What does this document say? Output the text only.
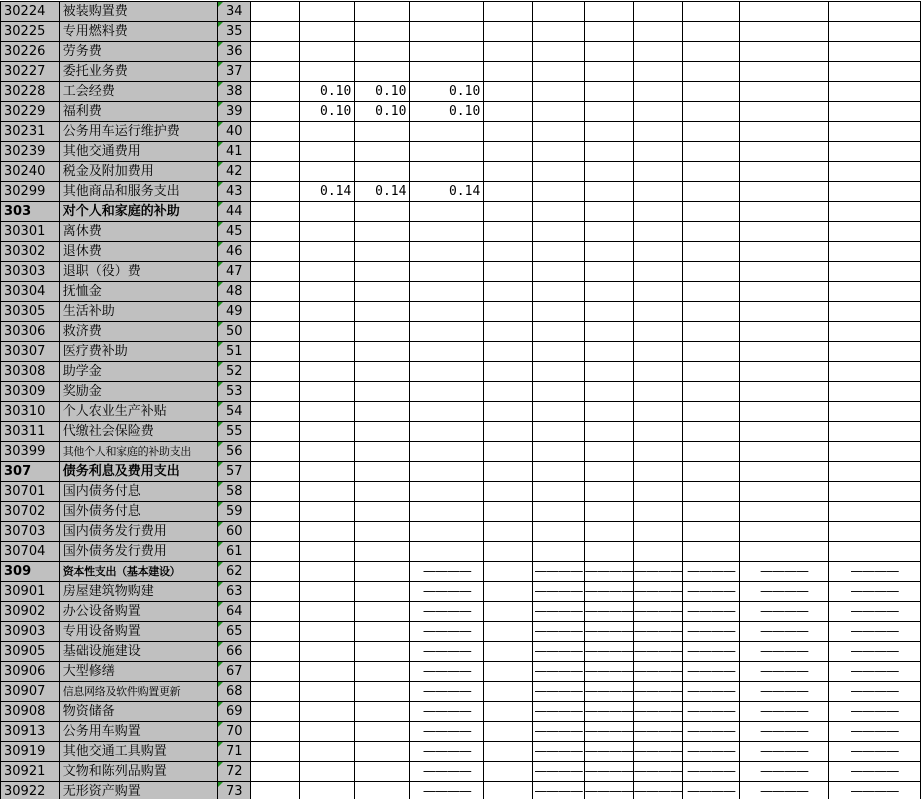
30224	被装购置费	34											
30225	专用燃料费	35											
30226	劳务费	36											
30227	委托业务费	37											
30228	工会经费	38		0.10	0.10	0.10							
30229	福利费	39		0.10	0.10	0.10							
30231	公务用车运行维护费	40											
30239	其他交通费用	41											
30240	税金及附加费用	42											
30299	其他商品和服务支出	43		0.14	0.14	0.14							
303	对个人和家庭的补助	44											
30301	离休费	45											
30302	退休费	46											
30303	退职（役）费	47											
30304	抚恤金	48											
30305	生活补助	49											
30306	救济费	50											
30307	医疗费补助	51											
30308	助学金	52											
30309	奖励金	53											
30310	个人农业生产补贴	54											
30311	代缴社会保险费	55											
30399	其他个人和家庭的补助支出	56											
307	债务利息及费用支出	57											
30701	国内债务付息	58											
30702	国外债务付息	59											
30703	国内债务发行费用	60											
30704	国外债务发行费用	61											
309	资本性支出（基本建设）	62				————		————	————	————	————	————	————
30901	房屋建筑物购建	63				————		————	————	————	————	————	————
30902	办公设备购置	64				————		————	————	————	————	————	————
30903	专用设备购置	65				————		————	————	————	————	————	————
30905	基础设施建设	66				————		————	————	————	————	————	————
30906	大型修缮	67				————		————	————	————	————	————	————
30907	信息网络及软件购置更新	68				————		————	————	————	————	————	————
30908	物资储备	69				————		————	————	————	————	————	————
30913	公务用车购置	70				————		————	————	————	————	————	————
30919	其他交通工具购置	71				————		————	————	————	————	————	————
30921	文物和陈列品购置	72				————		————	————	————	————	————	————
30922	无形资产购置	73				————		————	————	————	————	————	————
